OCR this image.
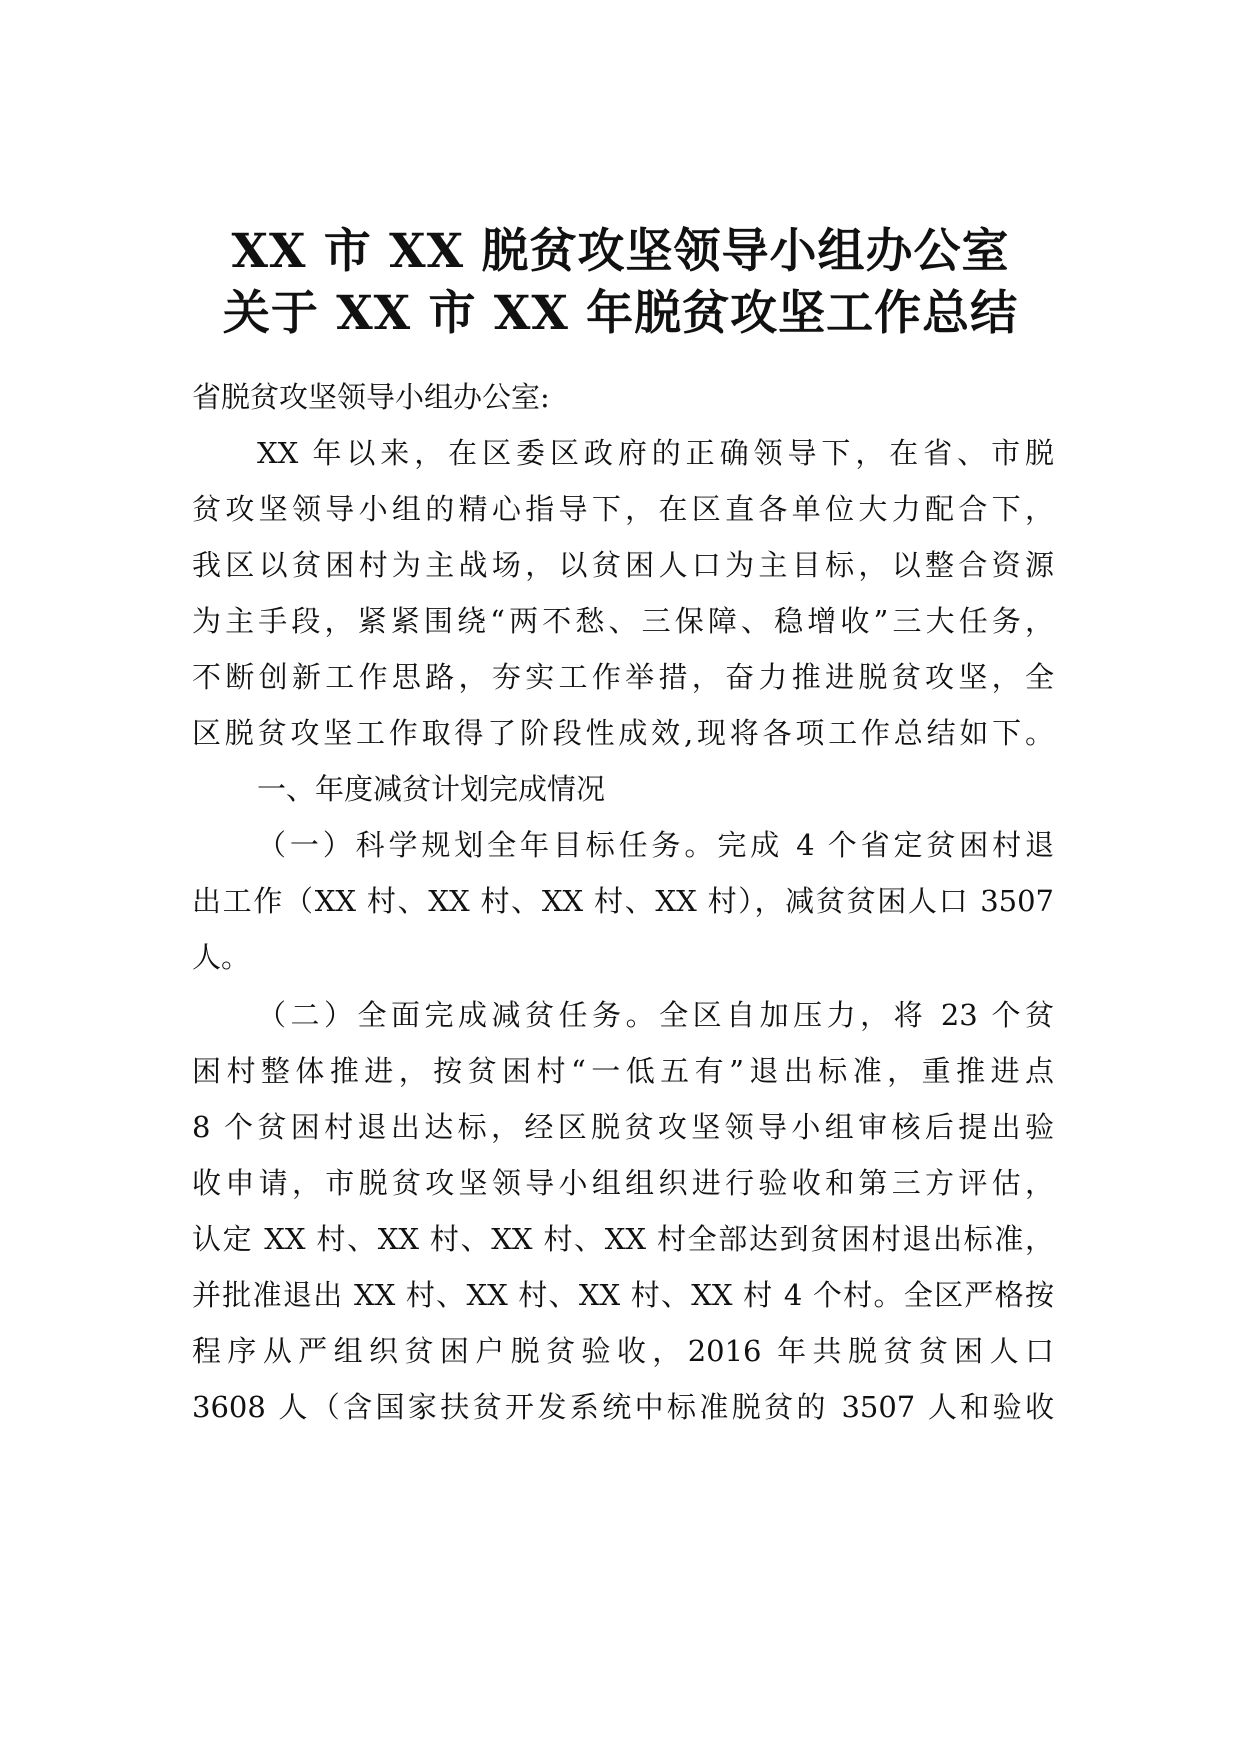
XX 市 XX 脱贫攻坚领导小组办公室
关于 XX 市 XX 年脱贫攻坚工作总结
省脱贫攻坚领导小组办公室:
XX 年以来，在区委区政府的正确领导下，在省、市脱
贫攻坚领导小组的精心指导下，在区直各单位大力配合下，
我区以贫困村为主战场，以贫困人口为主目标，以整合资源
为主手段，紧紧围绕“两不愁、三保障、稳增收”三大任务，
不断创新工作思路，夯实工作举措，奋力推进脱贫攻坚，全
区脱贫攻坚工作取得了阶段性成效,现将各项工作总结如下。
一、年度减贫计划完成情况
（一）科学规划全年目标任务。完成 4 个省定贫困村退
出工作（XX 村、XX 村、XX 村、XX 村），减贫贫困人口 3507
人。
（二）全面完成减贫任务。全区自加压力，将 23 个贫
困村整体推进，按贫困村“一低五有”退出标准，重推进点
8 个贫困村退出达标，经区脱贫攻坚领导小组审核后提出验
收申请，市脱贫攻坚领导小组组织进行验收和第三方评估，
认定 XX 村、XX 村、XX 村、XX 村全部达到贫困村退出标准，
并批准退出 XX 村、XX 村、XX 村、XX 村 4 个村。全区严格按
程序从严组织贫困户脱贫验收，2016 年共脱贫贫困人口
3608 人（含国家扶贫开发系统中标准脱贫的 3507 人和验收
